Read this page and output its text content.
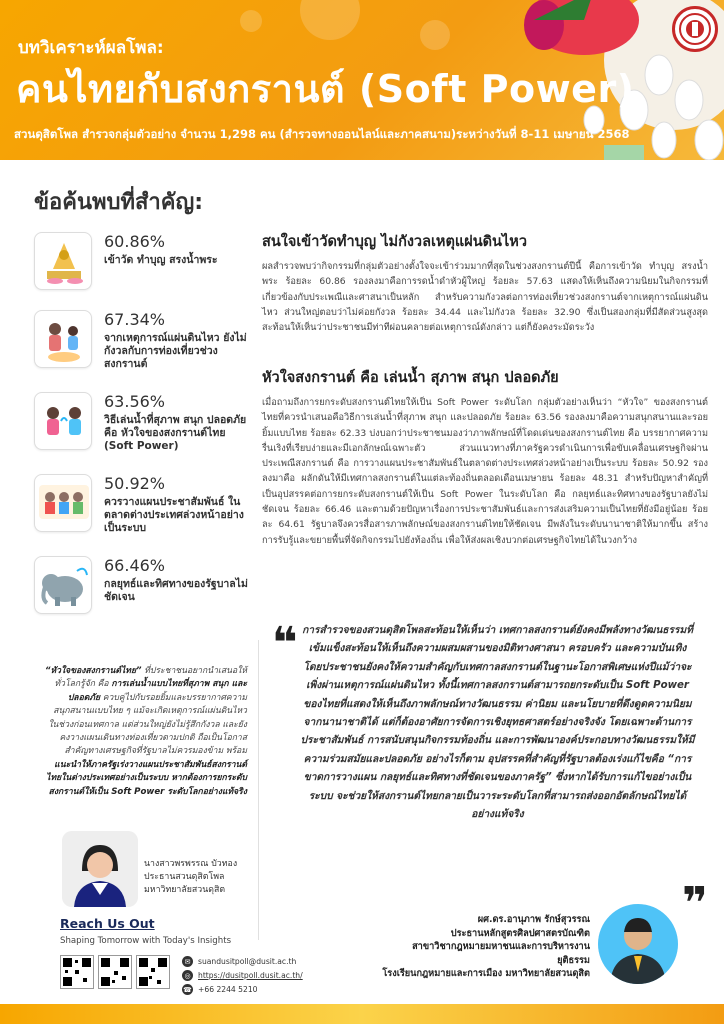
บทวิเคราะห์ผลโพล:
คนไทยกับสงกรานต์ (Soft Power)
สวนดุสิตโพล สำรวจกลุ่มตัวอย่าง จำนวน 1,298 คน (สำรวจทางออนไลน์และภาคสนาม)ระหว่างวันที่ 8-11 เมษายน 2568
ข้อค้นพบที่สำคัญ:
60.86%
เข้าวัด ทำบุญ สรงน้ำพระ
67.34%
จากเหตุการณ์แผ่นดินไหว ยังไม่กังวลกับการท่องเที่ยวช่วงสงกรานต์
63.56%
วิธีเล่นน้ำที่สุภาพ สนุก ปลอดภัย คือ หัวใจของสงกรานต์ไทย (Soft Power)
50.92%
ควรวางแผนประชาสัมพันธ์ ในตลาดต่างประเทศล่วงหน้าอย่างเป็นระบบ
66.46%
กลยุทธ์และทิศทางของรัฐบาลไม่ชัดเจน
สนใจเข้าวัดทำบุญ ไม่กังวลเหตุแผ่นดินไหว

ผลสำรวจพบว่ากิจกรรมที่กลุ่มตัวอย่างตั้งใจจะเข้าร่วมมากที่สุดในช่วงสงกรานต์ปีนี้ คือการเข้าวัด ทำบุญ สรงน้ำพระ ร้อยละ 60.86 รองลงมาคือการรดน้ำดำหัวผู้ใหญ่ ร้อยละ 57.63 แสดงให้เห็นถึงความนิยมในกิจกรรมที่เกี่ยวข้องกับประเพณีและศาสนาเป็นหลัก สำหรับความกังวลต่อการท่องเที่ยวช่วงสงกรานต์จากเหตุการณ์แผ่นดินไหว ส่วนใหญ่ตอบว่าไม่ค่อยกังวล ร้อยละ 34.44 และไม่กังวล ร้อยละ 32.90 ซึ่งเป็นสองกลุ่มที่มีสัดส่วนสูงสุด สะท้อนให้เห็นว่าประชาชนมีท่าทีผ่อนคลายต่อเหตุการณ์ดังกล่าว แต่ก็ยังคงระมัดระวัง

หัวใจสงกรานต์ คือ เล่นน้ำ สุภาพ สนุก ปลอดภัย

เมื่อถามถึงการยกระดับสงกรานต์ไทยให้เป็น Soft Power ระดับโลก กลุ่มตัวอย่างเห็นว่า “หัวใจ” ของสงกรานต์ไทยที่ควรนำเสนอคือวิธีการเล่นน้ำที่สุภาพ สนุก และปลอดภัย ร้อยละ 63.56 รองลงมาคือความสนุกสนานและรอยยิ้มแบบไทย ร้อยละ 62.33 บ่งบอกว่าประชาชนมองว่าภาพลักษณ์ที่โดดเด่นของสงกรานต์ไทย คือ บรรยากาศความรื่นเริงที่เรียบง่ายและมีเอกลักษณ์เฉพาะตัว ส่วนแนวทางที่ภาครัฐควรดำเนินการเพื่อขับเคลื่อนเศรษฐกิจผ่านประเพณีสงกรานต์ คือ การวางแผนประชาสัมพันธ์ในตลาดต่างประเทศล่วงหน้าอย่างเป็นระบบ ร้อยละ 50.92 รองลงมาคือ ผลักดันให้มีเทศกาลสงกรานต์ในแต่ละท้องถิ่นตลอดเดือนเมษายน ร้อยละ 48.31 สำหรับปัญหาสำคัญที่เป็นอุปสรรคต่อการยกระดับสงกรานต์ให้เป็น Soft Power ในระดับโลก คือ กลยุทธ์และทิศทางของรัฐบาลยังไม่ชัดเจน ร้อยละ 66.46 และตามด้วยปัญหาเรื่องการประชาสัมพันธ์และการส่งเสริมความเป็นไทยที่ยังมีอยู่น้อย ร้อยละ 64.61 รัฐบาลจึงควรสื่อสารภาพลักษณ์ของสงกรานต์ไทยให้ชัดเจน มีพลังในระดับนานาชาติให้มากขึ้น สร้างการรับรู้และขยายพื้นที่จัดกิจกรรมไปยังท้องถิ่น เพื่อให้ส่งผลเชิงบวกต่อเศรษฐกิจไทยได้ในวงกว้าง

“หัวใจของสงกรานต์ไทย” ที่ประชาชนอยากนำเสนอให้ทั่วโลกรู้จัก คือ การเล่นน้ำแบบไทยที่สุภาพ สนุก และปลอดภัย ควบคู่ไปกับรอยยิ้มและบรรยากาศความสนุกสนานแบบไทย ๆ แม้จะเกิดเหตุการณ์แผ่นดินไหวในช่วงก่อนเทศกาล แต่ส่วนใหญ่ยังไม่รู้สึกกังวล และยังคงวางแผนเดินทางท่องเที่ยวตามปกติ ถือเป็นโอกาสสำคัญทางเศรษฐกิจที่รัฐบาลไม่ควรมองข้าม พร้อมแนะนำให้ภาครัฐเร่งวางแผนประชาสัมพันธ์สงกรานต์ไทยในต่างประเทศอย่างเป็นระบบ หากต้องการยกระดับสงกรานต์ให้เป็น Soft Power ระดับโลกอย่างแท้จริง
นางสาวพรพรรณ บัวทอง
ประธานสวนดุสิตโพล
มหาวิทยาลัยสวนดุสิต
❝ การสำรวจของสวนดุสิตโพลสะท้อนให้เห็นว่า เทศกาลสงกรานต์ยังคงมีพลังทางวัฒนธรรมที่เข้มแข็งสะท้อนให้เห็นถึงความผสมผสานของมิติทางศาสนา ครอบครัว และความบันเทิง โดยประชาชนยังคงให้ความสำคัญกับเทศกาลสงกรานต์ในฐานะโอกาสพิเศษแห่งปีแม้ว่าจะเพิ่งผ่านเหตุการณ์แผ่นดินไหว ทั้งนี้เทศกาลสงกรานต์สามารถยกระดับเป็น Soft Power ของไทยที่แสดงให้เห็นถึงภาพลักษณ์ทางวัฒนธรรม ค่านิยม และนโยบายที่ดึงดูดความนิยมจากนานาชาติได้ แต่ก็ต้องอาศัยการจัดการเชิงยุทธศาสตร์อย่างจริงจัง โดยเฉพาะด้านการประชาสัมพันธ์ การสนับสนุนกิจกรรมท้องถิ่น และการพัฒนาองค์ประกอบทางวัฒนธรรมให้มีความร่วมสมัยและปลอดภัย อย่างไรก็ตาม อุปสรรคที่สำคัญที่รัฐบาลต้องเร่งแก้ไขคือ “การขาดการวางแผน กลยุทธ์และทิศทางที่ชัดเจนของภาครัฐ” ซึ่งหากได้รับการแก้ไขอย่างเป็นระบบ จะช่วยให้สงกรานต์ไทยกลายเป็นวาระระดับโลกที่สามารถส่งออกอัตลักษณ์ไทยได้อย่างแท้จริง
❞
ผศ.ดร.อานุภาพ รักษ์สุวรรณ
ประธานหลักสูตรศิลปศาสตรบัณฑิต
สาขาวิชากฎหมายมหาชนและการบริหารงานยุติธรรม
โรงเรียนกฎหมายและการเมือง มหาวิทยาลัยสวนดุสิต
Reach Us Out
Shaping Tomorrow with Today's Insights
✉ suandusitpoll@dusit.ac.th
◎ https://dusitpoll.dusit.ac.th/
☎ +66 2244 5210
